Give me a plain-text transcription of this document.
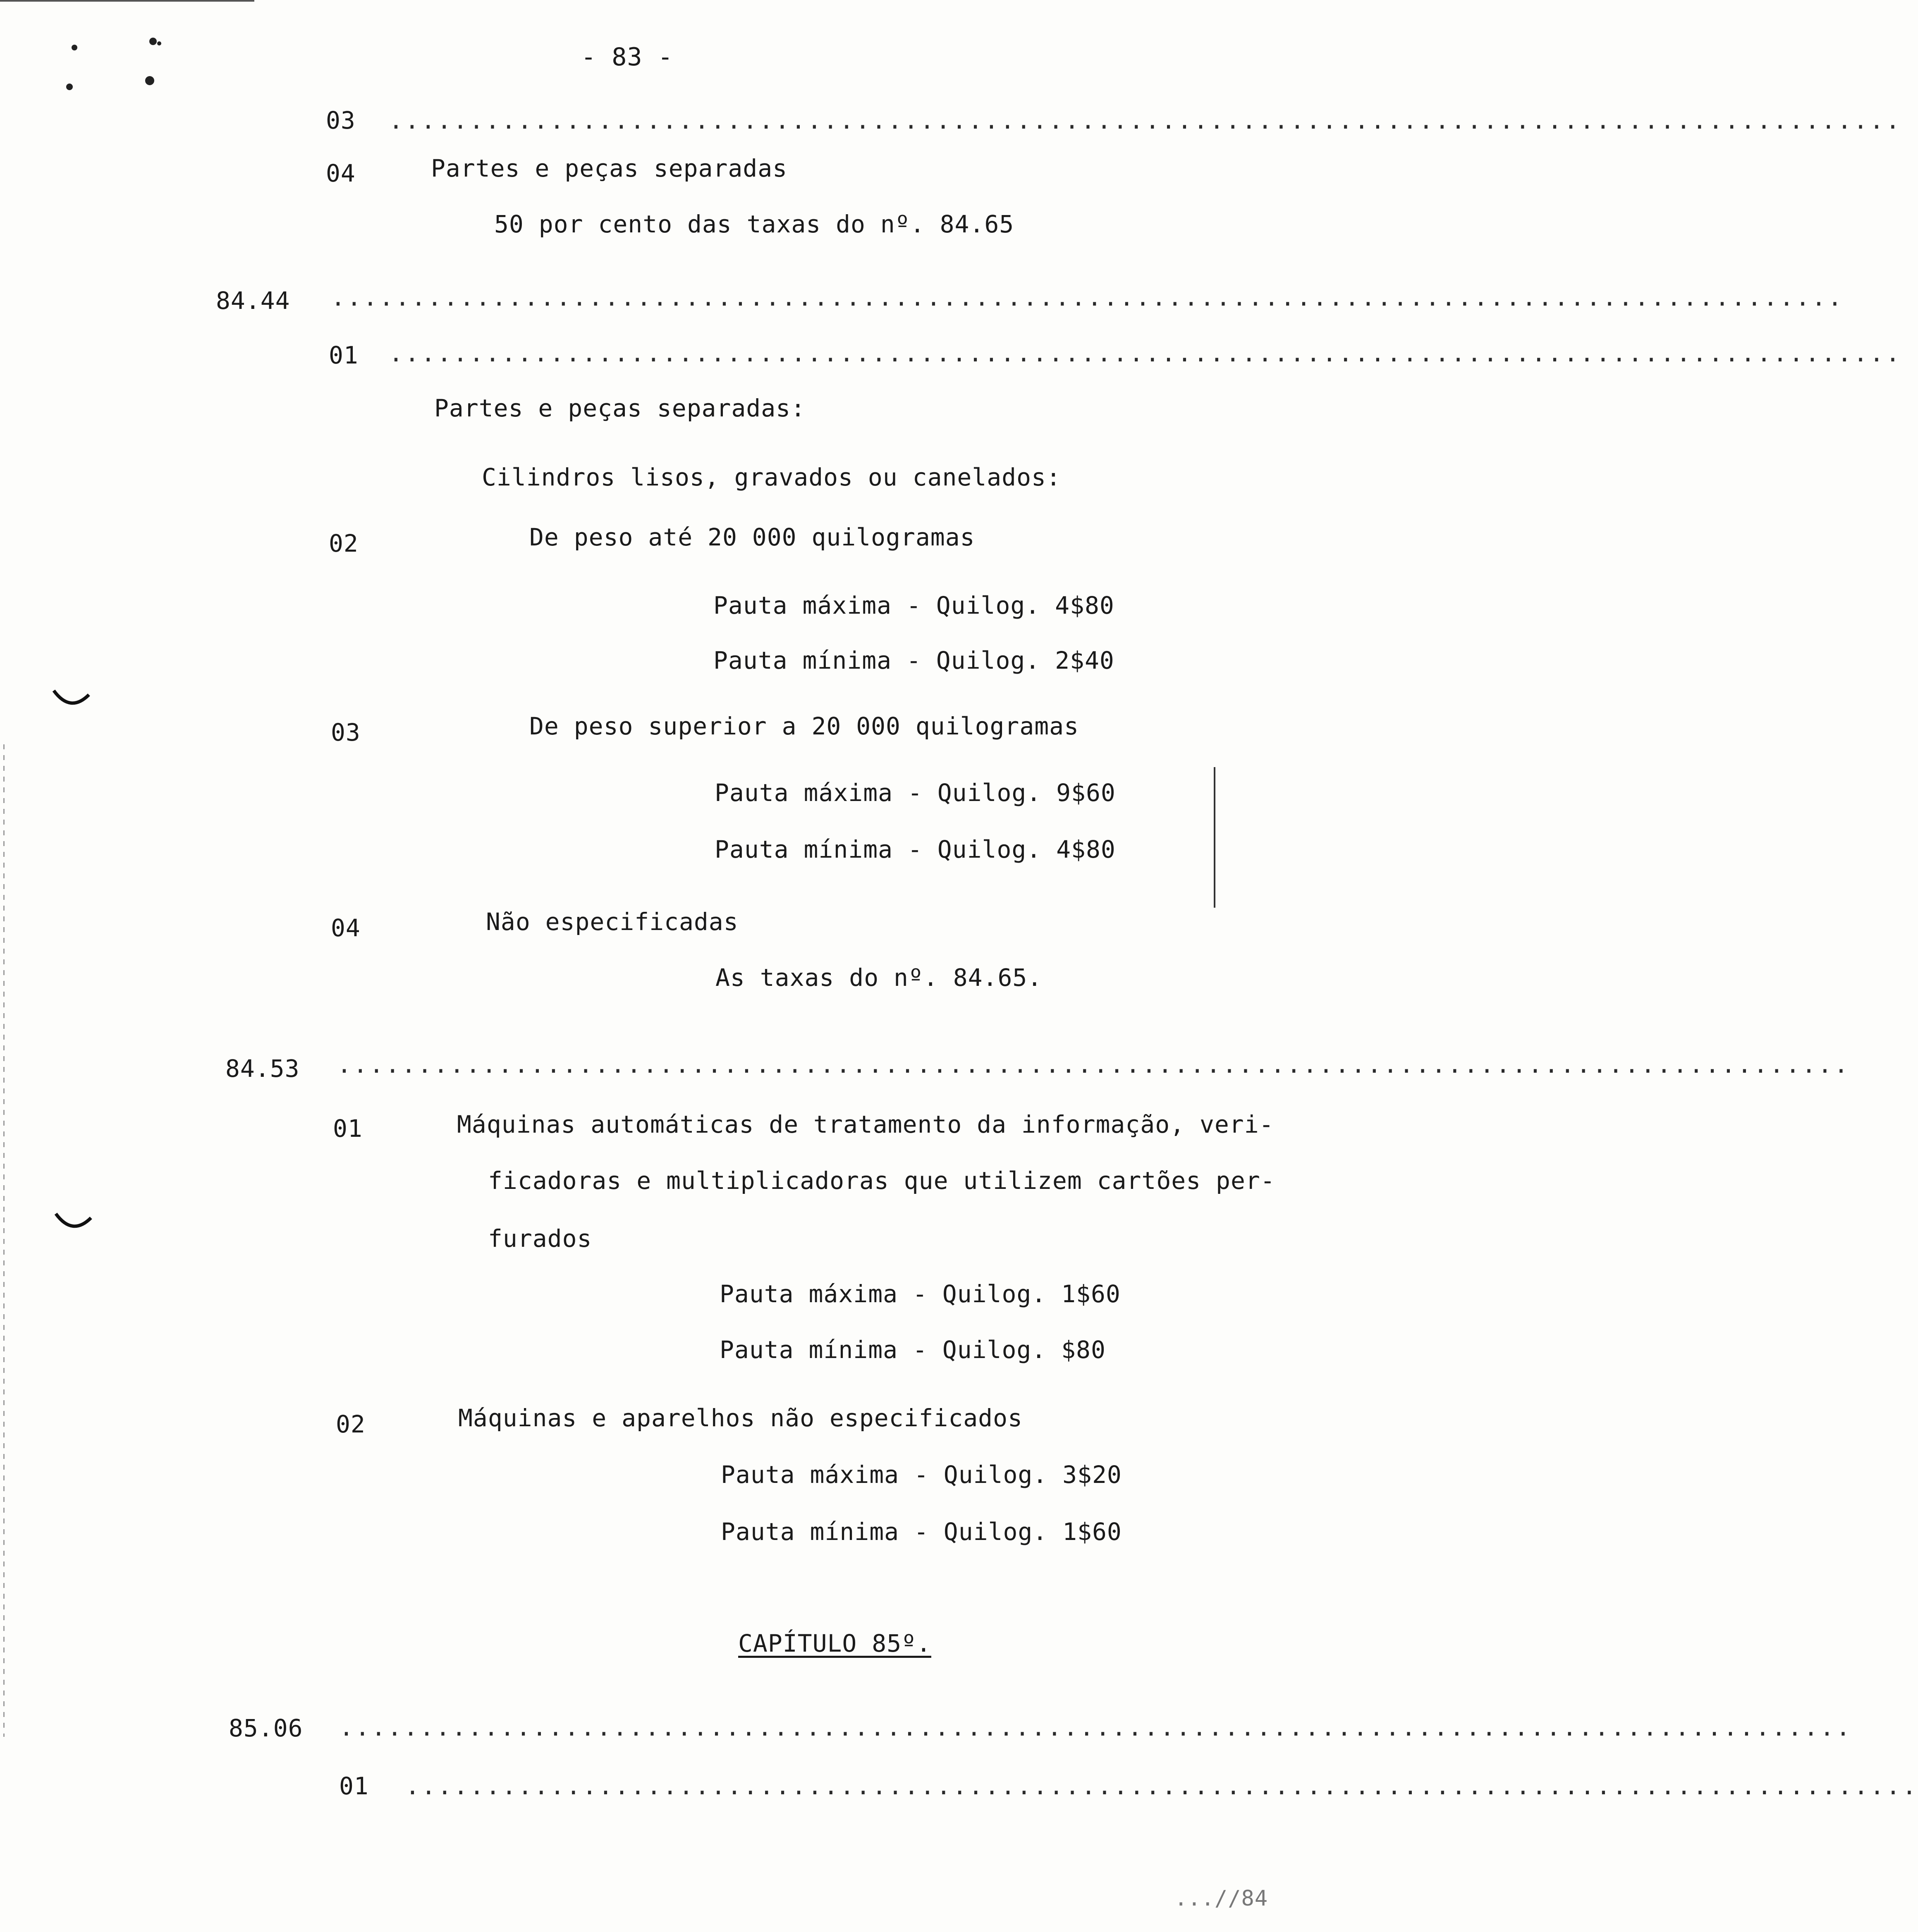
- 83 -
03 ..............................................................................................
04	Partes e peças separadas
50 por cento das taxas do nº. 84.65
84.44 ..............................................................................................
01 ..............................................................................................
Partes e peças separadas:
Cilindros lisos, gravados ou canelados:
02	De peso até 20 000 quilogramas
Pauta máxima - Quilog. 4$80
Pauta mínima - Quilog. 2$40
03	De peso superior a 20 000 quilogramas
Pauta máxima - Quilog. 9$60
Pauta mínima - Quilog. 4$80
04	Não especificadas
As taxas do nº. 84.65.
84.53 ..............................................................................................
01	Máquinas automáticas de tratamento da informação, veri-
ficadoras e multiplicadoras que utilizem cartões per-
furados
Pauta máxima - Quilog. 1$60
Pauta mínima - Quilog. $80
02	Máquinas e aparelhos não especificados
Pauta máxima - Quilog. 3$20
Pauta mínima - Quilog. 1$60
CAPÍTULO 85º.
85.06 ..............................................................................................
01 ..............................................................................................
...//84
